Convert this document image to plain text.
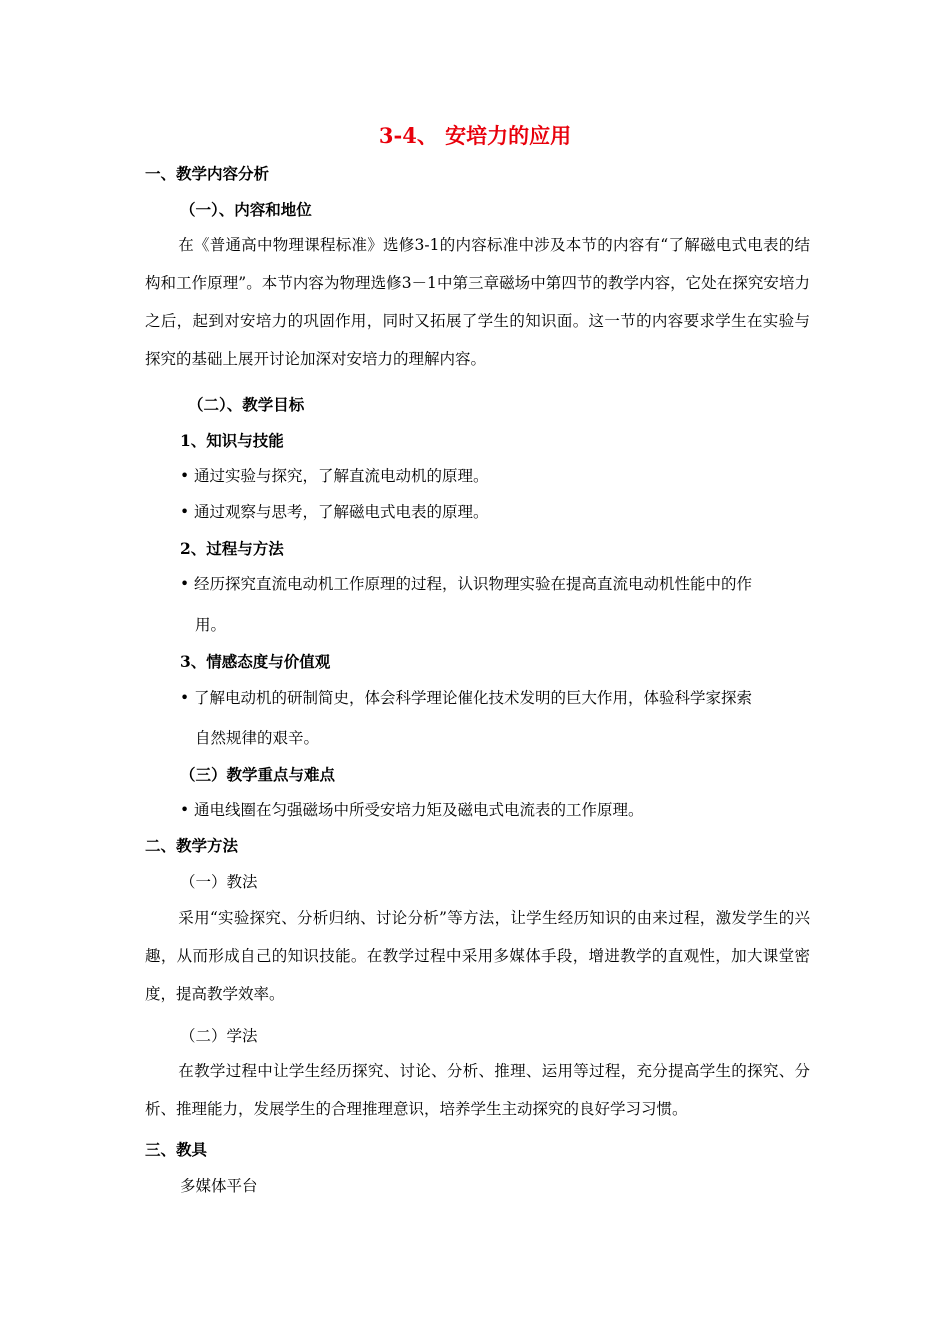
3-4、 安培力的应用
一、教学内容分析
（一）、内容和地位
在《普通高中物理课程标准》选修3-1的内容标准中涉及本节的内容有“了解磁电式电表的结构和工作原理”。本节内容为物理选修3－1中第三章磁场中第四节的教学内容，它处在探究安培力之后，起到对安培力的巩固作用，同时又拓展了学生的知识面。这一节的内容要求学生在实验与探究的基础上展开讨论加深对安培力的理解内容。
（二）、教学目标
1、知识与技能
• 通过实验与探究，了解直流电动机的原理。
• 通过观察与思考，了解磁电式电表的原理。
2、过程与方法
• 经历探究直流电动机工作原理的过程，认识物理实验在提高直流电动机性能中的作
用。
3、情感态度与价值观
• 了解电动机的研制简史，体会科学理论催化技术发明的巨大作用，体验科学家探索
自然规律的艰辛。
（三）教学重点与难点
• 通电线圈在匀强磁场中所受安培力矩及磁电式电流表的工作原理。
二、教学方法
（一）教法
采用“实验探究、分析归纳、讨论分析”等方法，让学生经历知识的由来过程，激发学生的兴趣，从而形成自己的知识技能。在教学过程中采用多媒体手段，增进教学的直观性，加大课堂密度，提高教学效率。
（二）学法
在教学过程中让学生经历探究、讨论、分析、推理、运用等过程，充分提高学生的探究、分析、推理能力，发展学生的合理推理意识，培养学生主动探究的良好学习习惯。
三、教具
多媒体平台
